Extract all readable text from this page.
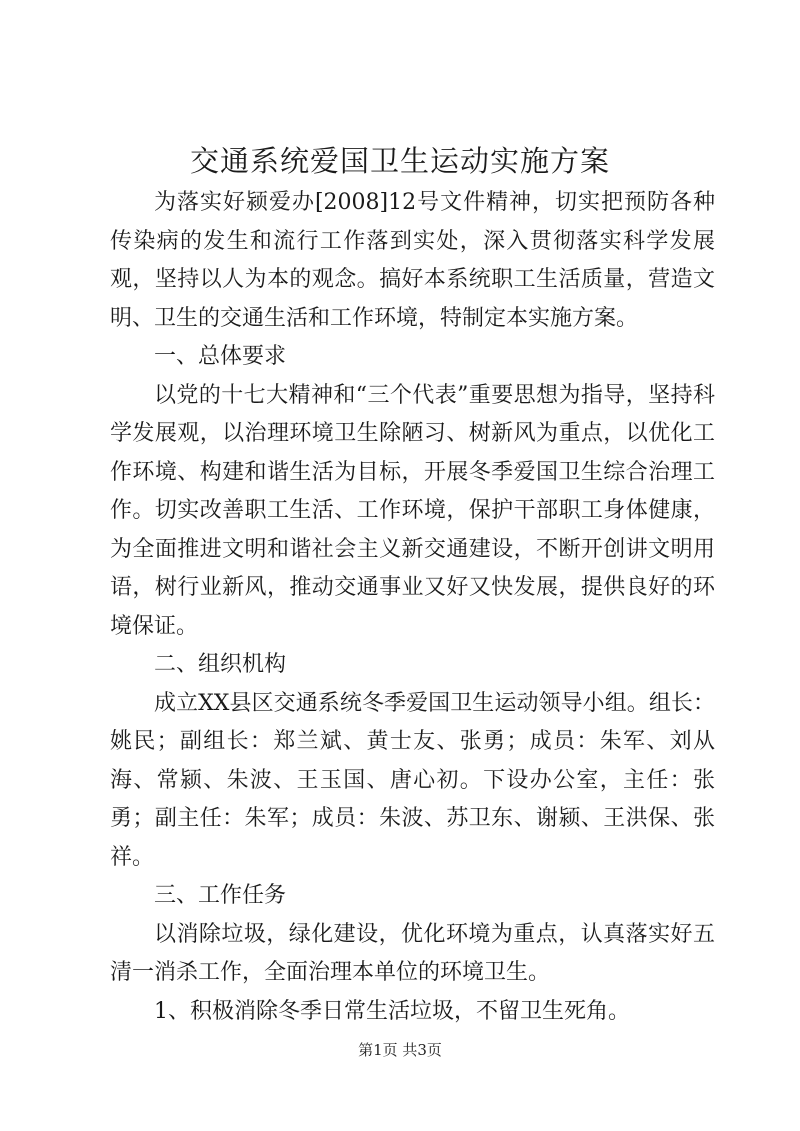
交通系统爱国卫生运动实施方案

为落实好颍爱办[2008]12号文件精神，切实把预防各种传染病的发生和流行工作落到实处，深入贯彻落实科学发展观，坚持以人为本的观念。搞好本系统职工生活质量，营造文明、卫生的交通生活和工作环境，特制定本实施方案。

一、总体要求

以党的十七大精神和“三个代表”重要思想为指导，坚持科学发展观，以治理环境卫生除陋习、树新风为重点，以优化工作环境、构建和谐生活为目标，开展冬季爱国卫生综合治理工作。切实改善职工生活、工作环境，保护干部职工身体健康，为全面推进文明和谐社会主义新交通建设，不断开创讲文明用语，树行业新风，推动交通事业又好又快发展，提供良好的环境保证。

二、组织机构

成立XX县区交通系统冬季爱国卫生运动领导小组。组长：姚民；副组长：郑兰斌、黄士友、张勇；成员：朱军、刘从海、常颍、朱波、王玉国、唐心初。下设办公室，主任：张勇；副主任：朱军；成员：朱波、苏卫东、谢颍、王洪保、张祥。

三、工作任务

以消除垃圾，绿化建设，优化环境为重点，认真落实好五清一消杀工作，全面治理本单位的环境卫生。

1、积极消除冬季日常生活垃圾，不留卫生死角。

第1页 共3页
